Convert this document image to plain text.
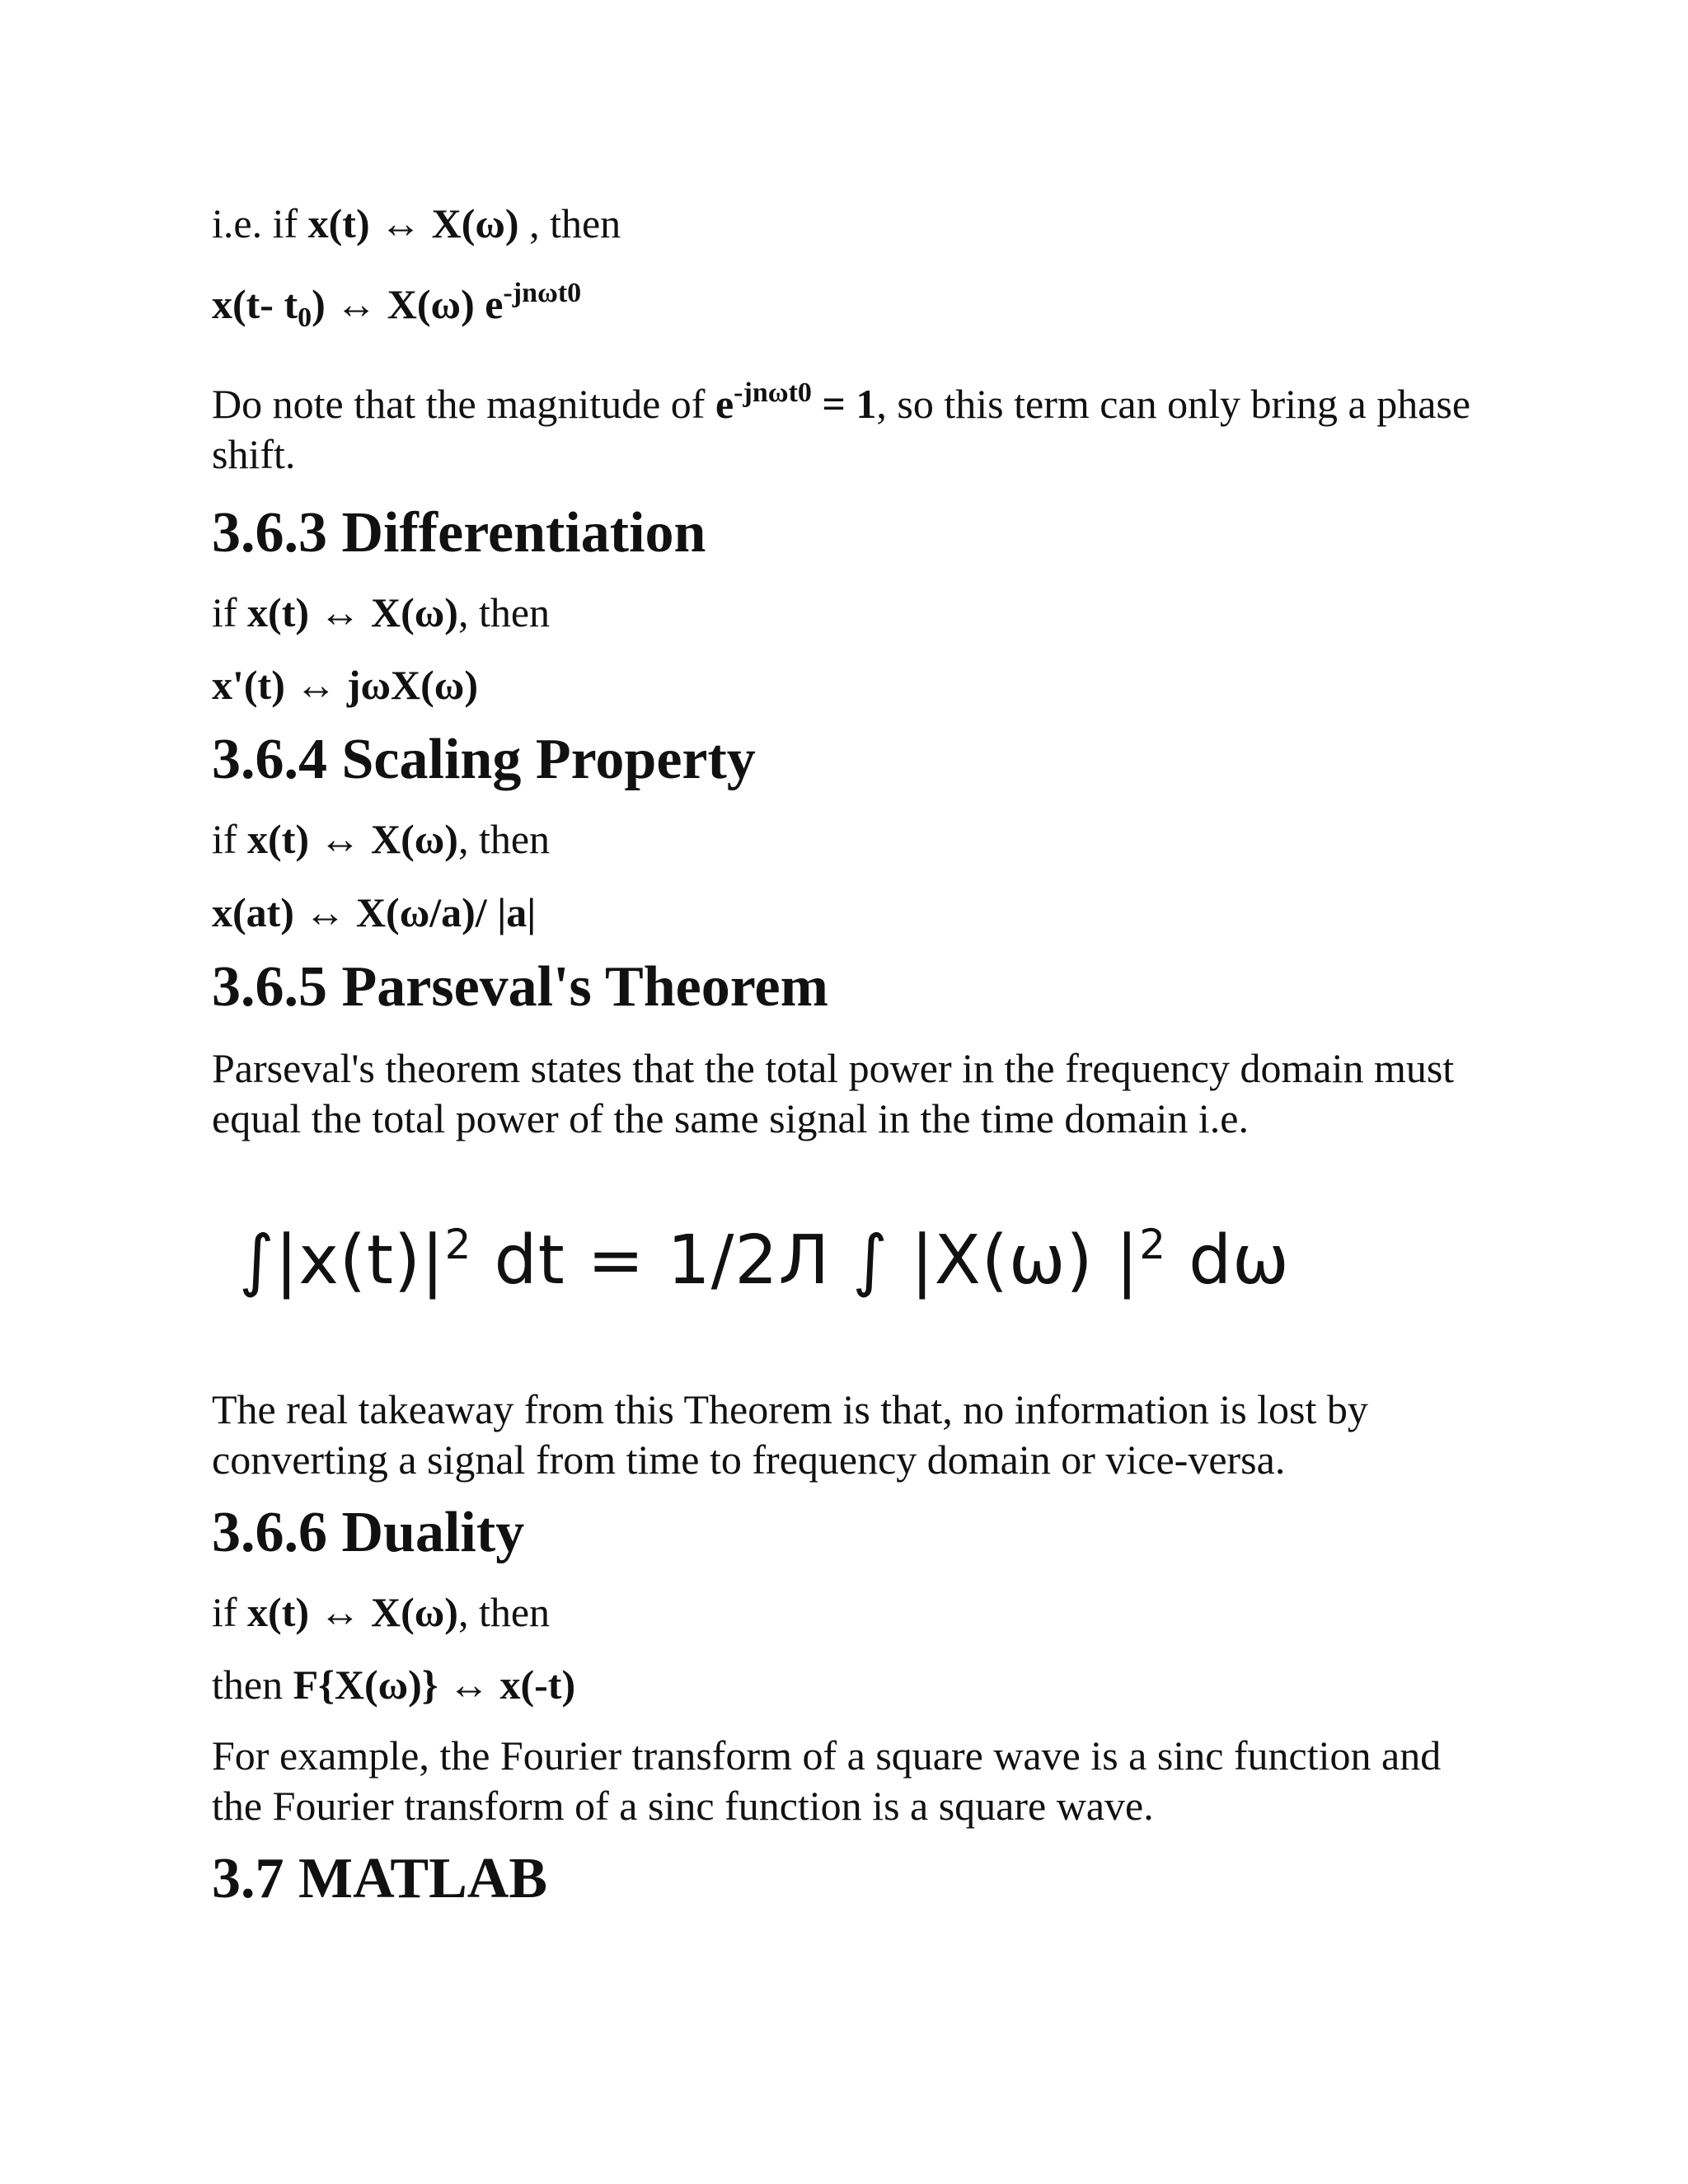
i.e. if x(t) ↔ X(ω) , then
x(t- $t_0$) ↔ X(ω) $e^{-jn\omega t0}$
Do note that the magnitude of $e^{-jn\omega t0} = 1$, so this term can only bring a phase shift.
3.6.3 Differentiation
if x(t) ↔ X(ω), then
x'(t) ↔ jωX(ω)
3.6.4 Scaling Property
if x(t) ↔ X(ω), then
x(at) ↔ X(ω/a)/ |a|
3.6.5 Parseval's Theorem
Parseval's theorem states that the total power in the frequency domain must equal the total power of the same signal in the time domain i.e.
$\int|x(t)|^2$ dt = 1/2Л ∫ |X(ω) $|^2$ dω
The real takeaway from this Theorem is that, no information is lost by converting a signal from time to frequency domain or vice-versa.
3.6.6 Duality
if x(t) ↔ X(ω), then
then F{X(ω)} ↔ x(-t)
For example, the Fourier transform of a square wave is a sinc function and the Fourier transform of a sinc function is a square wave.
3.7 MATLAB
